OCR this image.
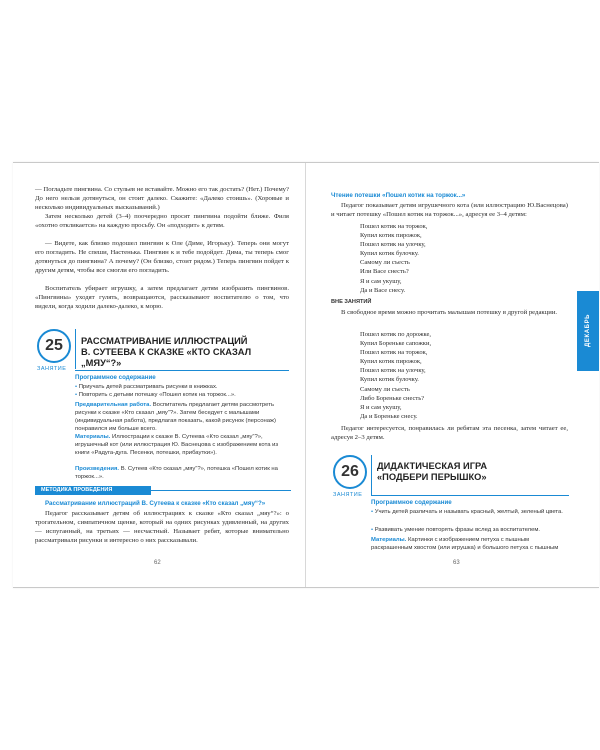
— Погладьте пингвина. Со стульев не вставайте. Можно его так достать? (Нет.) Почему? До него нельзя дотянуться, он стоит далеко. Скажите: «Далеко стоишь». (Хоровые и несколько индивидуальных высказываний.)
Затем несколько детей (3–4) поочередно просят пингвина подойти ближе. Филя «охотно откликается» на каждую просьбу. Он «подходит» к детям.
— Видете, как близко подошел пингвин к Оле (Диме, Игорьку). Теперь они могут его погладить. Не спеши, Настенька. Пингвин к и тебе подойдет. Дима, ты теперь смог дотянуться до пингвина? А почему? (Он близко, стоит рядом.) Теперь пингвин пойдет к другим детям, чтобы все смогли его погладить.
Воспитатель убирает игрушку, а затем предлагает детям изобразить пингвинов. «Пингвины» уходят гулять, возвращаются, рассказывают воспитателю о том, что видели, когда ходили далеко-далеко, к морю.
25
ЗАНЯТИЕ
РАССМАТРИВАНИЕ ИЛЛЮСТРАЦИЙ
В. СУТЕЕВА К СКАЗКЕ «КТО СКАЗАЛ „МЯУ“?»
Программное содержание
• Приучать детей рассматривать рисунки в книжках.
• Повторить с детьми потешку «Пошел котик на торжок...».
Предварительная работа. Воспитатель предлагает детям рассмотреть рисунки к сказке «Кто сказал „мяу“?». Затем беседует с малышами (индивидуальная работа), предлагая показать, какой рисунок (персонаж) понравился им больше всего.
Материалы. Иллюстрации к сказке В. Сутеева «Кто сказал „мяу“?», игрушечный кот (или иллюстрация Ю. Васнецова с изображением кота из книги «Радуга-дуга. Песенки, потешки, прибаутки»).
Произведения. В. Сутеев «Кто сказал „мяу“?», потешка «Пошел котик на торжок...».
МЕТОДИКА ПРОВЕДЕНИЯ
Рассматривание иллюстраций В. Сутеева к сказке «Кто сказал „мяу“?»
Педагог рассказывает детям об иллюстрациях к сказке «Кто сказал „мяу“?»: о трогательном, симпатичном щенке, который на одних рисунках удивленный, на других — испуганный, на третьих — несчастный. Называет ребят, которые внимательно рассматривали рисунки и интересно о них рассказывали.
62
Чтение потешки «Пошел котик на торжок...»
Педагог показывает детям игрушечного кота (или иллюстрацию Ю.Васнецова) и читает потешку «Пошел котик на торжок...», адресуя ее 3–4 детям:
Пошел котик на торжок,
Купил котик пирожок,
Пошел котик на улочку,
Купил котик булочку.
Самому ли съесть
Или Васе снесть?
Я и сам укушу,
Да и Васе снесу.
ВНЕ ЗАНЯТИЙ
В свободное время можно прочитать малышам потешку в другой редакции.
Пошел котик по дорожке,
Купил Бореньке сапожки,
Пошел котик на торжок,
Купил котик пирожок,
Пошел котик на улочку,
Купил котик булочку.
Самому ли съесть
Либо Бореньке снесть?
Я и сам укушу,
Да и Бореньке снесу.
Педагог интересуется, понравилась ли ребятам эта песенка, затем читает ее, адресуя 2–3 детям.
26
ЗАНЯТИЕ
ДИДАКТИЧЕСКАЯ ИГРА
«ПОДБЕРИ ПЕРЫШКО»
Программное содержание
• Учить детей различать и называть красный, желтый, зеленый цвета.
• Развивать умение повторять фразы вслед за воспитателем.
Материалы. Картинки с изображением петуха с пышным раскрашенным хвостом (или игрушка) и большого петуха с пышным
63
ДЕКАБРЬ
